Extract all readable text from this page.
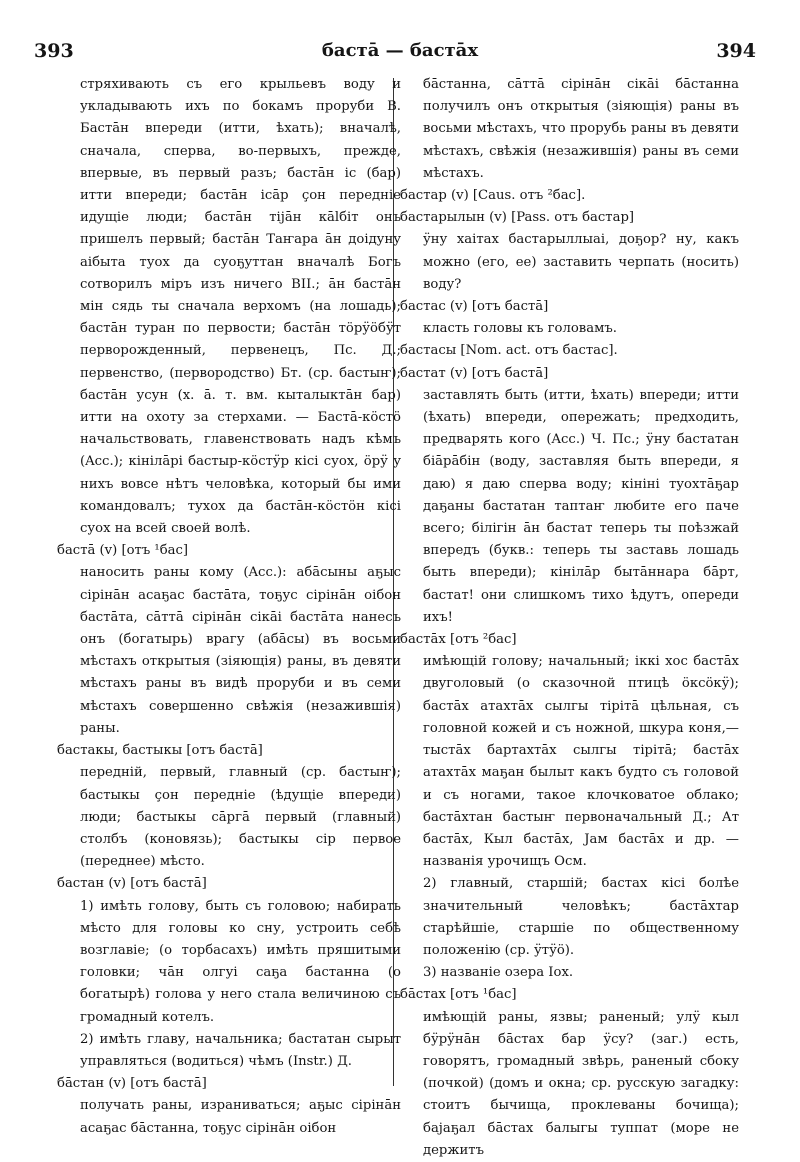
393	бастā — бастāх	394
стряхивають съ его крыльевъ воду и укладывають ихъ по бокамъ проруби В. Бастāн впереди (итти, ѣхать); вначалѣ, сначала, сперва, во-первыхъ, прежде, впервые, въ первый разъ; бастāн іс (бар) итти впереди; бастāн ісāр ҫон переднiе идущiе люди; бастāн тiјāн кālбiт онъ пришелъ первый; бастāн Таҥара āн доiдуну аiбыта туох да суоҕуттан вначалѣ Богъ сотворилъ мiръ изъ ничего ВII.; āн бастāн мiн сядь ты сначала верхомъ (на лошадь); бастāн туран по первости; бастāн тӧрӱӧбӱт перворожденный, первенецъ, Пс. Д.; первенство, (первородство) Бт. (ср. бастыҥ); бастāн усун (х. ā. т. вм. кыталыктāн бар) итти на охоту за стерхами. — Бастā-кӧстӧ начальствовать, главенствовать надъ кѣмъ (Acc.); кiнiлāрi бастыр-кӧстӱр кiсi суох, ӧрӱ у нихъ вовсе нѣтъ человѣка, который бы ими командовалъ; тухох да бастāн-кӧстӧн кiсi суох на всей своей волѣ.
бастā (v) [отъ ¹бас]
наносить раны кому (Acc.): абāсыны аҕыс сiрiнāн асаҕас бастāта, тоҕус сiрiнāн оiбон бастāта, сāттā сiрiнāн сiкāi бастāта нанесъ онъ (богатырь) врагу (абāсы) въ восьми мѣстахъ открытыя (зiяющiя) раны, въ девяти мѣстахъ раны въ видѣ проруби и въ семи мѣстахъ совершенно свѣжiя (незажившiя) раны.
бастакы, бастыкы [отъ бастā]
переднiй, первый, главный (ср. бастыҥ); бастыкы ҫон переднiе (ѣдущiе впереди) люди; бастыкы сāргā первый (главный) столбъ (коновязь); бастыкы сiр первое (переднее) мѣсто.
бастан (v) [отъ бастā]
1) имѣть голову, быть съ головою; набирать мѣсто для головы ко сну, устроить себѣ возглавiе; (о торбасахъ) имѣть пряшитыми головки; чāн олгуi саҕа бастанна (о богатырѣ) голова у него стала величиною съ громадный котелъ.
2) имѣть главу, начальника; бастатан сырыт управляться (водиться) чѣмъ (Instr.) Д.
бāстан (v) [отъ бастā]
получать раны, израниваться; аҕыс сiрiнāн асаҕас бāстанна, тоҕус сiрiнāн оiбон
бāстанна, сāттā сiрiнāн сiкāi бāстанна получилъ онъ открытыя (зiяющiя) раны въ восьми мѣстахъ, что прорубь раны въ девяти мѣстахъ, свѣжiя (незажившiя) раны въ семи мѣстахъ.
бастар (v) [Caus. отъ ²бас].
бастарылын (v) [Pass. отъ бастар]
ӱну хаiтах бастарыллыаi, доҕор? ну, какъ можно (его, ее) заставить черпать (носить) воду?
бастас (v) [отъ бастā]
класть головы къ головамъ.
бастасы [Nom. act. отъ бастас].
бастат (v) [отъ бастā]
заставлять быть (итти, ѣхать) впереди; итти (ѣхать) впереди, опережать; предходить, предварять кого (Acc.) Ч. Пс.; ӱну бастатан бiāрāбiн (воду, заставляя быть впереди, я даю) я даю сперва воду; кiнiнi туохтāҕар даҕаны бастатан таптаҥ любите его паче всего; бiлiгiн āн бастат теперь ты поѣзжай впередъ (букв.: теперь ты заставь лошадь быть впереди); кiнiлāр бытāннара бāрт, бастат! они слишкомъ тихо ѣдутъ, опереди ихъ!
бастāх [отъ ²бас]
имѣющiй голову; начальный; iккi хос бастāх двуголовый (о сказочной птицѣ ӧксӧкӱ); бастāх атахтāх сылгы тiрiтā цѣльная, съ головной кожей и съ ножной, шкура коня,— тыстāх бартахтāх сылгы тiрiтā; бастāх атахтāх маҕан былыт какъ будто съ головой и съ ногами, такое клочковатое облако; бастāхтан бастыҥ первоначальный Д.; Ат бастāх, Кыл бастāх, Јам бастāх и др. — названiя урочищъ Осм.
2) главный, старшiй; бастах кiсi болѣе значительный человѣкъ; бастāхтар старѣйшiе, старшiе по общественному положенiю (ср. ӱтӱӧ).
3) названiе озера Iох.
бāстах [отъ ¹бас]
имѣющiй раны, язвы; раненый; улӱ кыл бӱрӱнāн бāстах бар ӱсу? (заг.) есть, говорятъ, громадный звѣрь, раненый сбоку (почкой) (домъ и окна; ср. русскую загадку: стоитъ бычища, проклеваны бочища); баjаҕал бāстах балыгы туппат (море не держитъ
